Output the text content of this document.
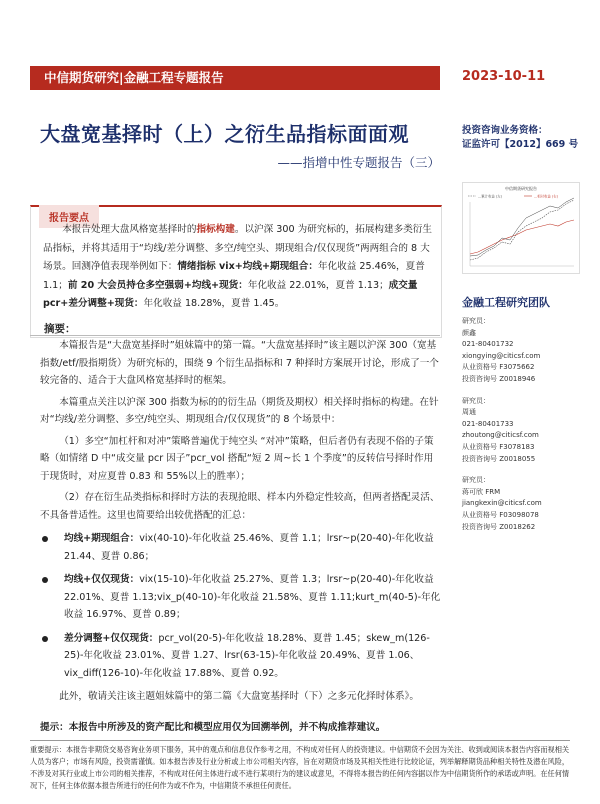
中信期货研究|金融工程专题报告	2023-10-11
大盘宽基择时（上）之衍生品指标面面观
——指增中性专题报告（三）
投资咨询业务资格：
证监许可【2012】669 号
中信期货研究报告
...累计收益 (左)	...相对收益 (右)
报告要点
本报告处理大盘风格宽基择时的指标构建。以沪深 300 为研究标的，拓展构建多类衍生品指标，并将其适用于“均线/差分调整、多空/纯空头、期现组合/仅仅现货”两两组合的 8 大场景。回测净值表现举例如下：情绪指标 vix+均线+期现组合：年化收益 25.46%，夏普 1.1；前 20 大会员持仓多空强弱+均线+现货：年化收益 22.01%，夏普 1.13；成交量 pcr+差分调整+现货：年化收益 18.28%，夏普 1.45。	金融工程研究团队
研究员：
颜鑫
021-80401732
xiongying@citicsf.com
从业资格号 F3075662
投资咨询号 Z0018946
研究员：
周通
021-80401733
zhoutong@citicsf.com
从业资格号 F3078183
投资咨询号 Z0018055
研究员：
蒋可欣 FRM
jiangkexin@citicsf.com
从业资格号 F03098078
投资咨询号 Z0018262
摘要：

本篇报告是“大盘宽基择时”姐妹篇中的第一篇。“大盘宽基择时”该主题以沪深 300（宽基指数/etf/股指期货）为研究标的，围绕 9 个衍生品指标和 7 种择时方案展开讨论，形成了一个较完备的、适合于大盘风格宽基择时的框架。

本篇重点关注以沪深 300 指数为标的的衍生品（期货及期权）相关择时指标的构建。在针对“均线/差分调整、多空/纯空头、期现组合/仅仅现货”的 8 个场景中：

（1）多空“加杠杆和对冲”策略普遍优于纯空头 “对冲”策略，但后者仍有表现不俗的子策略（如情绪 D 中“成交量 pcr 因子”pcr_vol 搭配“短 2 周~长 1 个季度”的反转信号择时作用于现货时，对应夏普 0.83 和 55%以上的胜率）；

（2）存在衍生品类指标和择时方法的表现抢眼、样本内外稳定性较高，但两者搭配灵活、不具备普适性。这里也简要给出较优搭配的汇总：

均线+期现组合：vix(40-10)-年化收益 25.46%、夏普 1.1；lrsr~p(20-40)-年化收益 21.44、夏普 0.86；
均线+仅仅现货：vix(15-10)-年化收益 25.27%、夏普 1.3；lrsr~p(20-40)-年化收益 22.01%、夏普 1.13;vix_p(40-10)-年化收益 21.58%、夏普 1.11;kurt_m(40-5)-年化收益 16.97%、夏普 0.89；
差分调整+仅仅现货：pcr_vol(20-5)-年化收益 18.28%、夏普 1.45；skew_m(126-25)-年化收益 23.01%、夏普 1.27、lrsr(63-15)-年化收益 20.49%、夏普 1.06、vix_diff(126-10)-年化收益 17.88%、夏普 0.92。

此外，敬请关注该主题姐妹篇中的第二篇《大盘宽基择时（下）之多元化择时体系》。

提示：本报告中所涉及的资产配比和模型应用仅为回溯举例，并不构成推荐建议。
重要提示：本报告非期货交易咨询业务项下服务，其中的观点和信息仅作参考之用，不构成对任何人的投资建议。中信期货不会因为关注、收到或阅读本报告内容而视相关人员为客户；市场有风险，投资需谨慎。如本报告涉及行业分析或上市公司相关内容，旨在对期货市场及其相关性进行比较论证，列举解释期货品种相关特性及潜在风险，不涉及对其行业或上市公司的相关推荐，不构成对任何主体进行或不进行某项行为的建议或意见，不得将本报告的任何内容据以作为中信期货所作的承诺或声明。在任何情况下，任何主体依据本报告所进行的任何作为或不作为，中信期货不承担任何责任。
